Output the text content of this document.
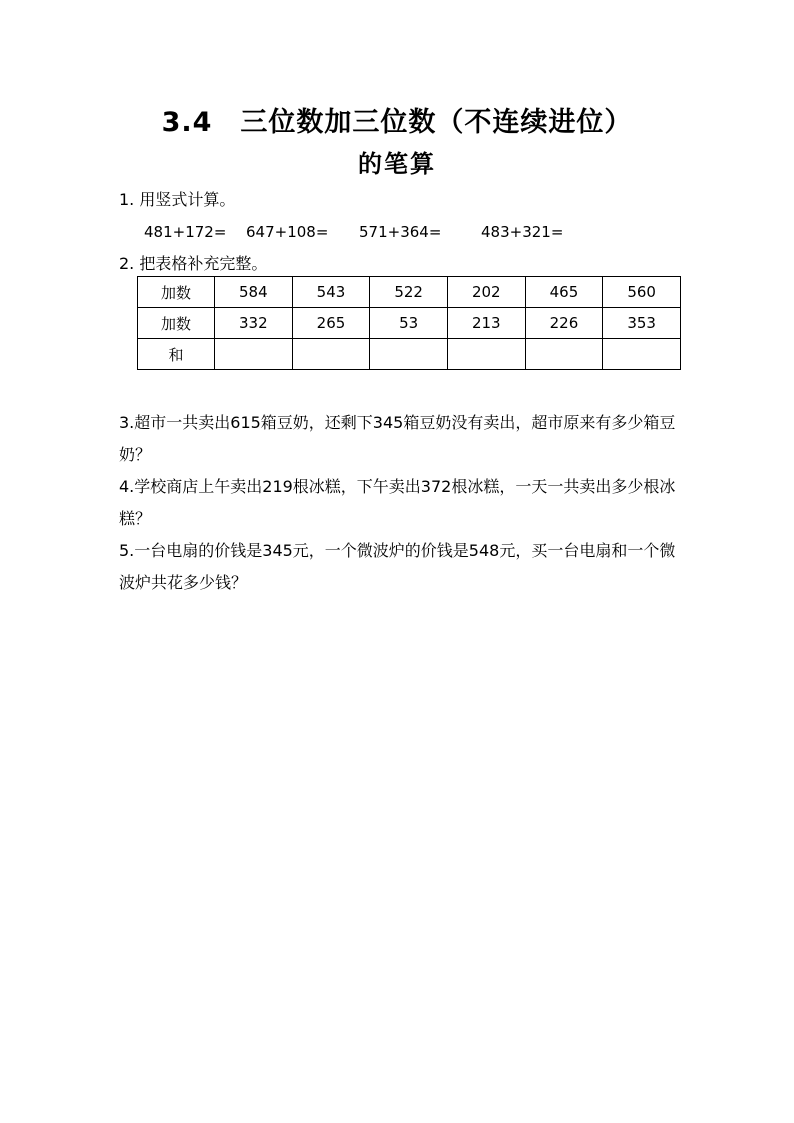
3.4 三位数加三位数（不连续进位）
的笔算
1. 用竖式计算。
481+172= 647+108= 571+364=	483+321=
2. 把表格补充完整。
加数	584	543	522	202	465	560
加数	332	265	53	213	226	353
和						
3.超市一共卖出615箱豆奶，还剩下345箱豆奶没有卖出，超市原来有多少箱豆奶？
4.学校商店上午卖出219根冰糕，下午卖出372根冰糕，一天一共卖出多少根冰糕？
5.一台电扇的价钱是345元，一个微波炉的价钱是548元，买一台电扇和一个微波炉共花多少钱？
